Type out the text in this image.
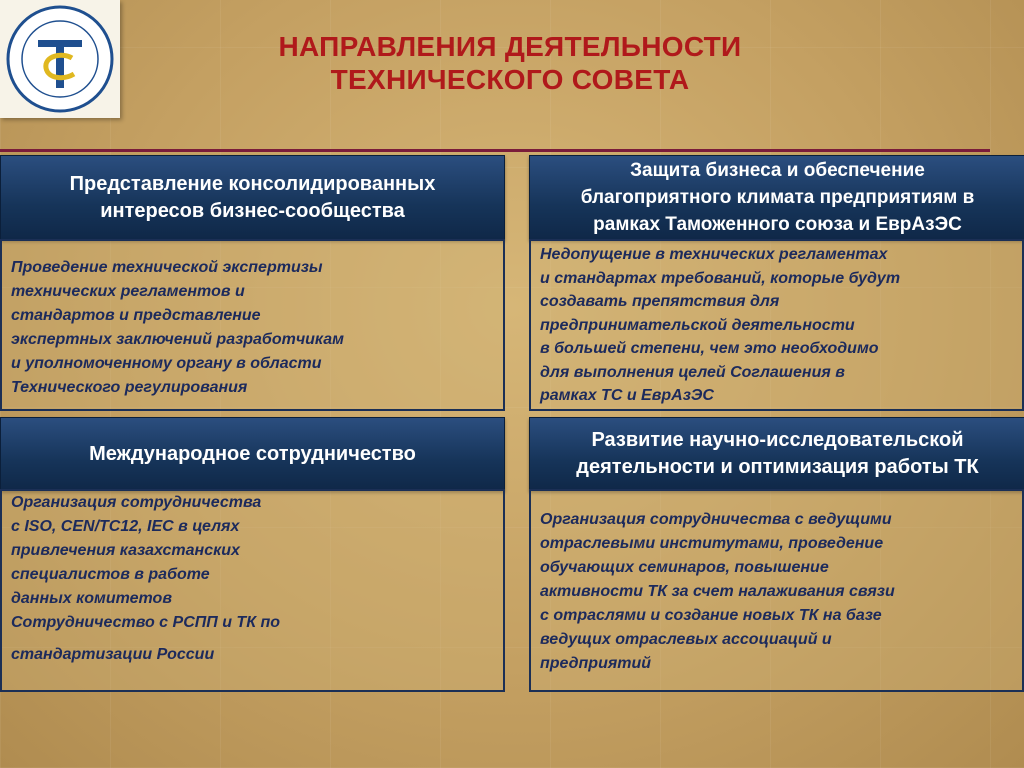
НАПРАВЛЕНИЯ ДЕЯТЕЛЬНОСТИ
ТЕХНИЧЕСКОГО СОВЕТА
Представление консолидированных
интересов бизнес-сообщества
Проведение технической экспертизы
технических регламентов и
стандартов и представление
экспертных заключений разработчикам
и уполномоченному органу в области
Технического регулирования
Защита бизнеса и обеспечение
благоприятного климата предприятиям в
рамках Таможенного союза и ЕврАзЭС
Недопущение в технических регламентах
и стандартах требований, которые будут
создавать препятствия для
предпринимательской деятельности
в большей степени, чем это необходимо
для выполнения целей Соглашения в
рамках ТС и ЕврАзЭС
Международное сотрудничество
Организация сотрудничества
с ISO, CEN/TC12, IEC в целях
привлечения казахстанских
специалистов в работе
данных комитетов
Сотрудничество с РСПП и ТК по
стандартизации России
Развитие научно-исследовательской
деятельности и оптимизация работы ТК
Организация сотрудничества с ведущими
отраслевыми институтами, проведение
обучающих семинаров, повышение
активности ТК за счет налаживания связи
с отраслями и создание новых ТК на базе
ведущих отраслевых ассоциаций и
предприятий
